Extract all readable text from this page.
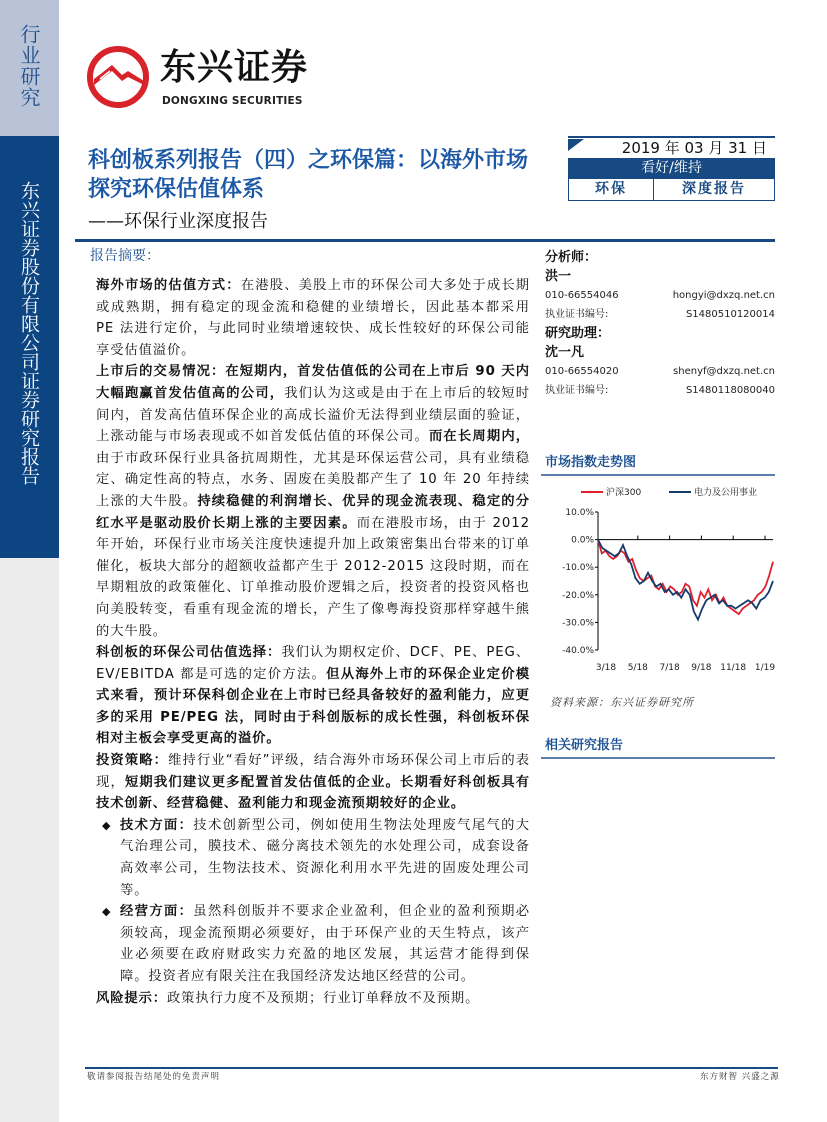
行业研究
东兴证券股份有限公司证券研究报告
东兴证券
DONGXING SECURITIES
科创板系列报告（四）之环保篇：以海外市场探究环保估值体系
——环保行业深度报告
2019 年 03 月 31 日
看好/维持
环保	深度报告
报告摘要：

海外市场的估值方式：在港股、美股上市的环保公司大多处于成长期或成熟期，拥有稳定的现金流和稳健的业绩增长，因此基本都采用 PE 法进行定价，与此同时业绩增速较快、成长性较好的环保公司能享受估值溢价。

上市后的交易情况：在短期内，首发估值低的公司在上市后 90 天内大幅跑赢首发估值高的公司，我们认为这或是由于在上市后的较短时间内，首发高估值环保企业的高成长溢价无法得到业绩层面的验证，上涨动能与市场表现或不如首发低估值的环保公司。而在长周期内，由于市政环保行业具备抗周期性，尤其是环保运营公司，具有业绩稳定、确定性高的特点，水务、固废在美股都产生了 10 年 20 年持续上涨的大牛股。持续稳健的利润增长、优异的现金流表现、稳定的分红水平是驱动股价长期上涨的主要因素。而在港股市场，由于 2012 年开始，环保行业市场关注度快速提升加上政策密集出台带来的订单催化，板块大部分的超额收益都产生于 2012-2015 这段时期，而在早期粗放的政策催化、订单推动股价逻辑之后，投资者的投资风格也向美股转变，看重有现金流的增长，产生了像粤海投资那样穿越牛熊的大牛股。

科创板的环保公司估值选择：我们认为期权定价、DCF、PE、PEG、EV/EBITDA 都是可选的定价方法。但从海外上市的环保企业定价模式来看，预计环保科创企业在上市时已经具备较好的盈利能力，应更多的采用 PE/PEG 法，同时由于科创版标的成长性强，科创板环保相对主板会享受更高的溢价。

投资策略：维持行业“看好”评级，结合海外市场环保公司上市后的表现，短期我们建议更多配置首发估值低的企业。长期看好科创板具有技术创新、经营稳健、盈利能力和现金流预期较好的企业。

◆ 技术方面：技术创新型公司，例如使用生物法处理废气尾气的大气治理公司，膜技术、磁分离技术领先的水处理公司，成套设备高效率公司，生物法技术、资源化利用水平先进的固废处理公司等。

◆ 经营方面：虽然科创版并不要求企业盈利，但企业的盈利预期必须较高，现金流预期必须要好，由于环保产业的天生特点，该产业必须要在政府财政实力充盈的地区发展，其运营才能得到保障。投资者应有限关注在我国经济发达地区经营的公司。

风险提示：政策执行力度不及预期；行业订单释放不及预期。

分析师：
洪一
010-66554046	hongyi@dxzq.net.cn
执业证书编号:	S1480510120014
研究助理：
沈一凡
010-66554020	shenyf@dxzq.net.cn
执业证书编号:	S1480118080040
市场指数走势图
10.0%
0.0%
-10.0%
-20.0%
-30.0%
-40.0%
3/18 5/18 7/18 9/18 11/18 1/19
沪深300	电力及公用事业
资料来源：东兴证券研究所
相关研究报告
敬请参阅报告结尾处的免责声明	东方财智 兴盛之源
